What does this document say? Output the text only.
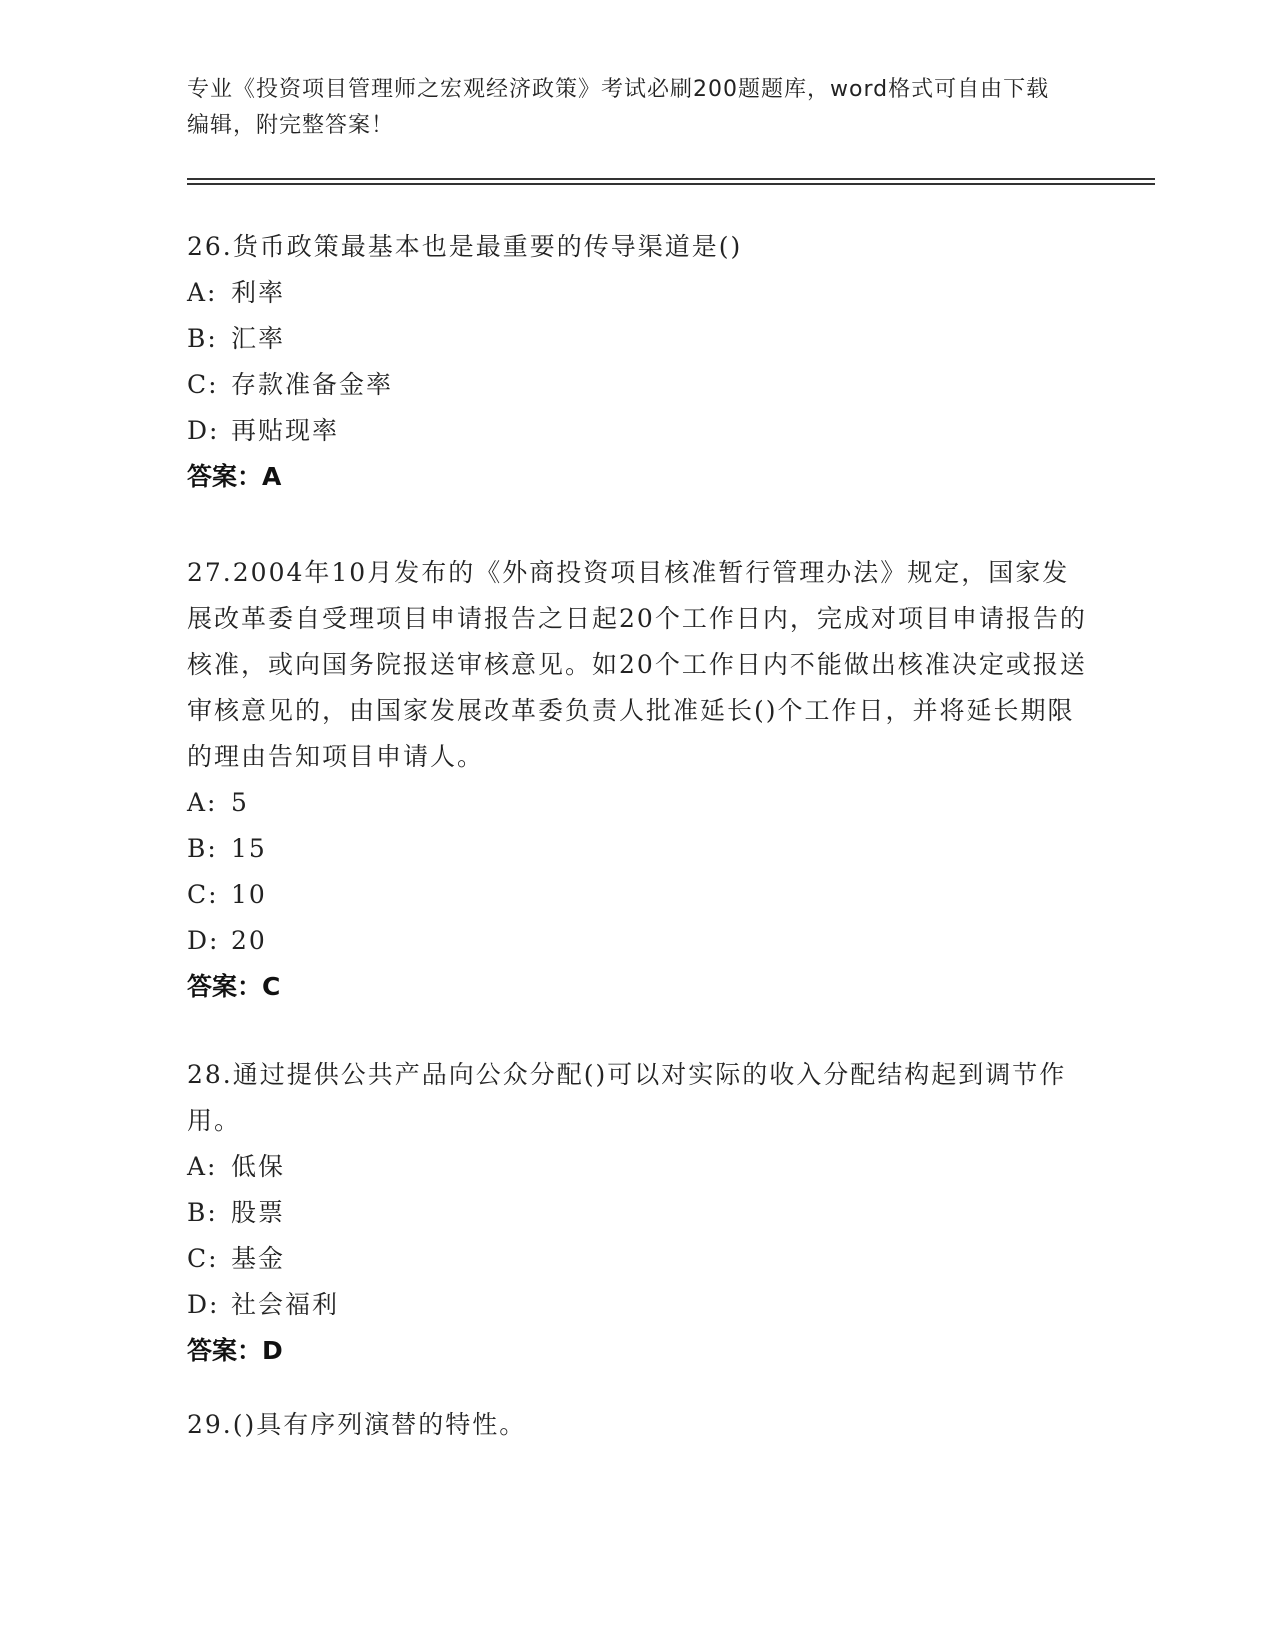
专业《投资项目管理师之宏观经济政策》考试必刷200题题库，word格式可自由下载编辑，附完整答案！

26.货币政策最基本也是最重要的传导渠道是()

A: 利率

B: 汇率

C: 存款准备金率

D: 再贴现率

答案：A

27.2004年10月发布的《外商投资项目核准暂行管理办法》规定，国家发展改革委自受理项目申请报告之日起20个工作日内，完成对项目申请报告的核准，或向国务院报送审核意见。如20个工作日内不能做出核准决定或报送审核意见的，由国家发展改革委负责人批准延长()个工作日，并将延长期限的理由告知项目申请人。

A: 5

B: 15

C: 10

D: 20

答案：C

28.通过提供公共产品向公众分配()可以对实际的收入分配结构起到调节作用。

A: 低保

B: 股票

C: 基金

D: 社会福利

答案：D

29.()具有序列演替的特性。
